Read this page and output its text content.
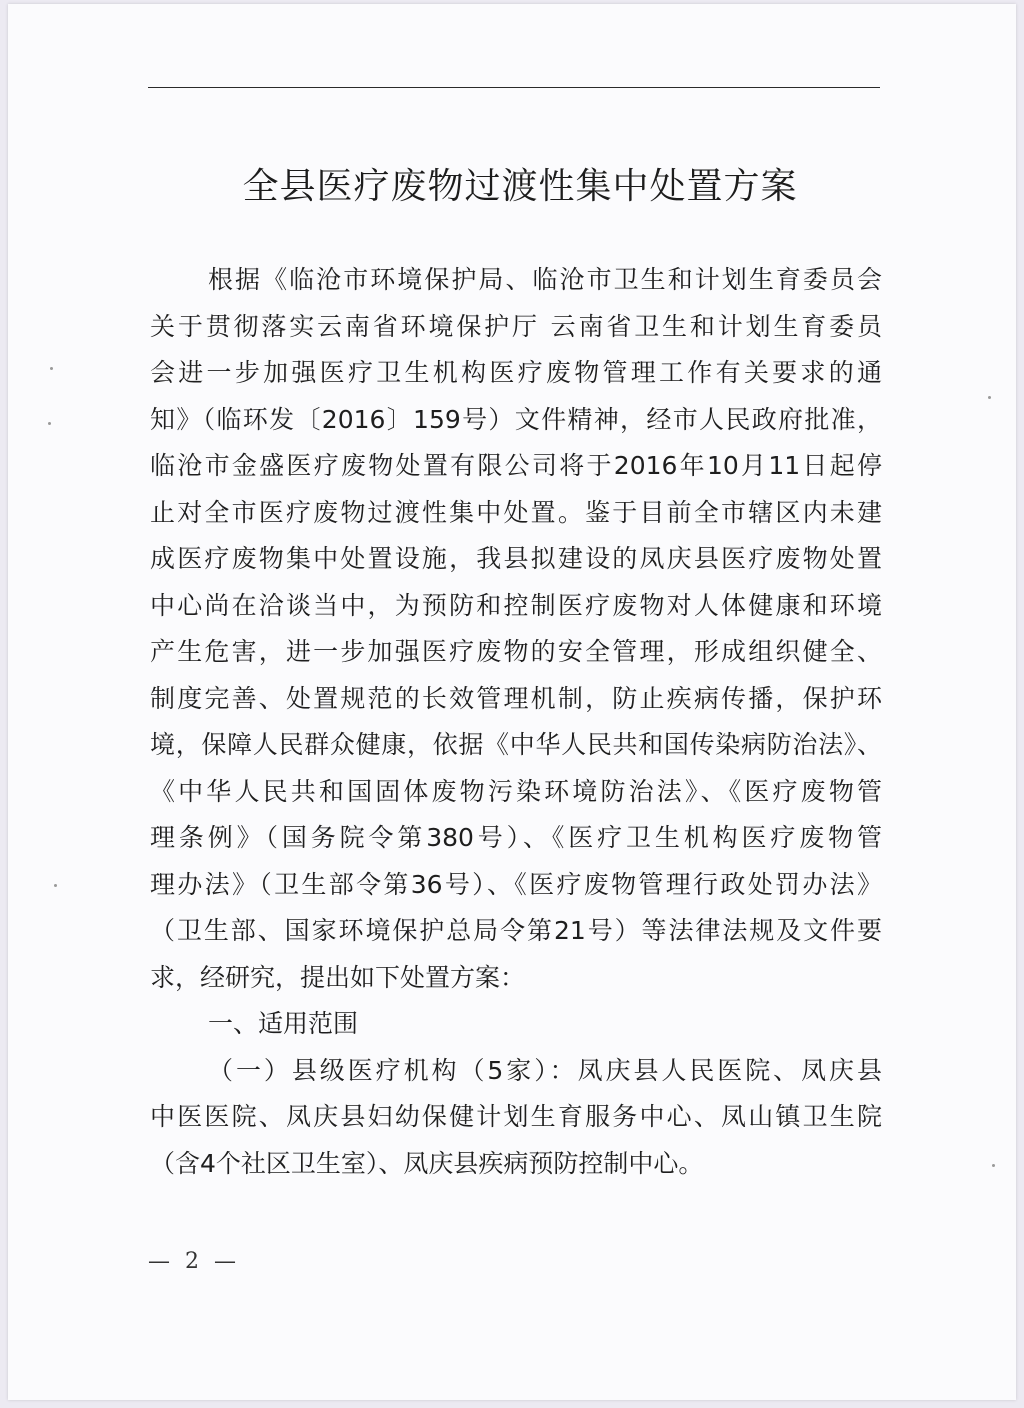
全县医疗废物过渡性集中处置方案
根据《临沧市环境保护局、临沧市卫生和计划生育委员会
关于贯彻落实云南省环境保护厅 云南省卫生和计划生育委员
会进一步加强医疗卫生机构医疗废物管理工作有关要求的通
知》（临环发〔2016〕159号）文件精神，经市人民政府批准，
临沧市金盛医疗废物处置有限公司将于2016年10月11日起停
止对全市医疗废物过渡性集中处置。鉴于目前全市辖区内未建
成医疗废物集中处置设施，我县拟建设的凤庆县医疗废物处置
中心尚在洽谈当中，为预防和控制医疗废物对人体健康和环境
产生危害，进一步加强医疗废物的安全管理，形成组织健全、
制度完善、处置规范的长效管理机制，防止疾病传播，保护环
境，保障人民群众健康，依据《中华人民共和国传染病防治法》、
《中华人民共和国固体废物污染环境防治法》、《医疗废物管
理条例》（国务院令第380号）、《医疗卫生机构医疗废物管
理办法》（卫生部令第36号）、《医疗废物管理行政处罚办法》
（卫生部、国家环境保护总局令第21号）等法律法规及文件要
求，经研究，提出如下处置方案：
一、适用范围
（一）县级医疗机构（5家）：凤庆县人民医院、凤庆县
中医医院、凤庆县妇幼保健计划生育服务中心、凤山镇卫生院
（含4个社区卫生室）、凤庆县疾病预防控制中心。
— 2 —
